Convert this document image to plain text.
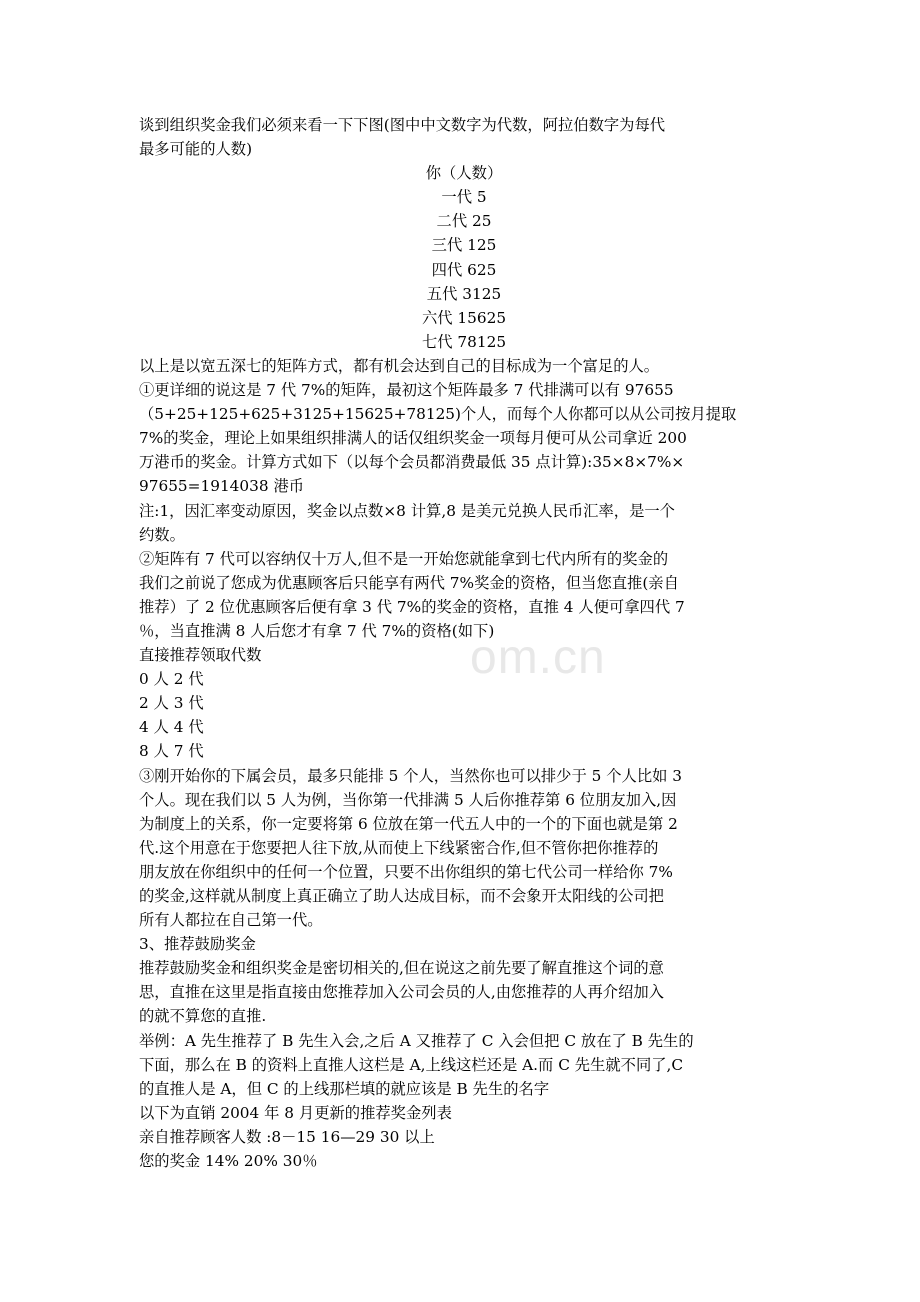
om.cn
谈到组织奖金我们必须来看一下下图(图中中文数字为代数，阿拉伯数字为每代
最多可能的人数)
你（人数）
一代 5
二代 25
三代 125
四代 625
五代 3125
六代 15625
七代 78125
以上是以宽五深七的矩阵方式，都有机会达到自己的目标成为一个富足的人。
①更详细的说这是 7 代 7%的矩阵，最初这个矩阵最多 7 代排满可以有 97655
（5+25+125+625+3125+15625+78125)个人，而每个人你都可以从公司按月提取
7%的奖金，理论上如果组织排满人的话仅组织奖金一项每月便可从公司拿近 200
万港币的奖金。计算方式如下（以每个会员都消费最低 35 点计算):35×8×7%×
97655=1914038 港币
注:1，因汇率变动原因，奖金以点数×8 计算,8 是美元兑换人民币汇率，是一个
约数。
②矩阵有 7 代可以容纳仅十万人,但不是一开始您就能拿到七代内所有的奖金的
我们之前说了您成为优惠顾客后只能享有两代 7%奖金的资格，但当您直推(亲自
推荐）了 2 位优惠顾客后便有拿 3 代 7%的奖金的资格，直推 4 人便可拿四代 7
％，当直推满 8 人后您才有拿 7 代 7%的资格(如下)
直接推荐领取代数
0 人 2 代
2 人 3 代
4 人 4 代
8 人 7 代
③刚开始你的下属会员，最多只能排 5 个人，当然你也可以排少于 5 个人比如 3
个人。现在我们以 5 人为例，当你第一代排满 5 人后你推荐第 6 位朋友加入,因
为制度上的关系，你一定要将第 6 位放在第一代五人中的一个的下面也就是第 2
代.这个用意在于您要把人往下放,从而使上下线紧密合作,但不管你把你推荐的
朋友放在你组织中的任何一个位置，只要不出你组织的第七代公司一样给你 7%
的奖金,这样就从制度上真正确立了助人达成目标，而不会象开太阳线的公司把
所有人都拉在自己第一代。
3、推荐鼓励奖金
推荐鼓励奖金和组织奖金是密切相关的,但在说这之前先要了解直推这个词的意
思，直推在这里是指直接由您推荐加入公司会员的人,由您推荐的人再介绍加入
的就不算您的直推.
举例：A 先生推荐了 B 先生入会,之后 A 又推荐了 C 入会但把 C 放在了 B 先生的
下面，那么在 B 的资料上直推人这栏是 A,上线这栏还是 A.而 C 先生就不同了,C
的直推人是 A，但 C 的上线那栏填的就应该是 B 先生的名字
以下为直销 2004 年 8 月更新的推荐奖金列表
亲自推荐顾客人数 :8－15 16—29 30 以上
您的奖金 14% 20% 30％
